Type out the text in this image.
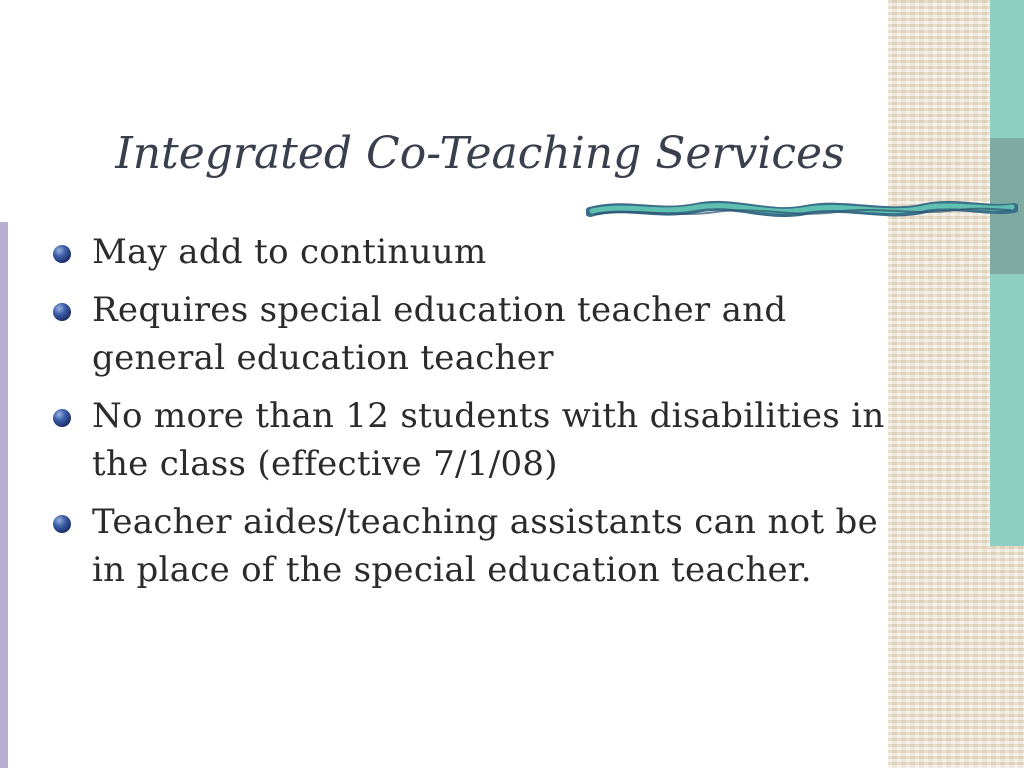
Integrated Co-Teaching Services
May add to continuum
Requires special education teacher and general education teacher
No more than 12 students with disabilities in the class (effective 7/1/08)
Teacher aides/teaching assistants can not be in place of the special education teacher.
